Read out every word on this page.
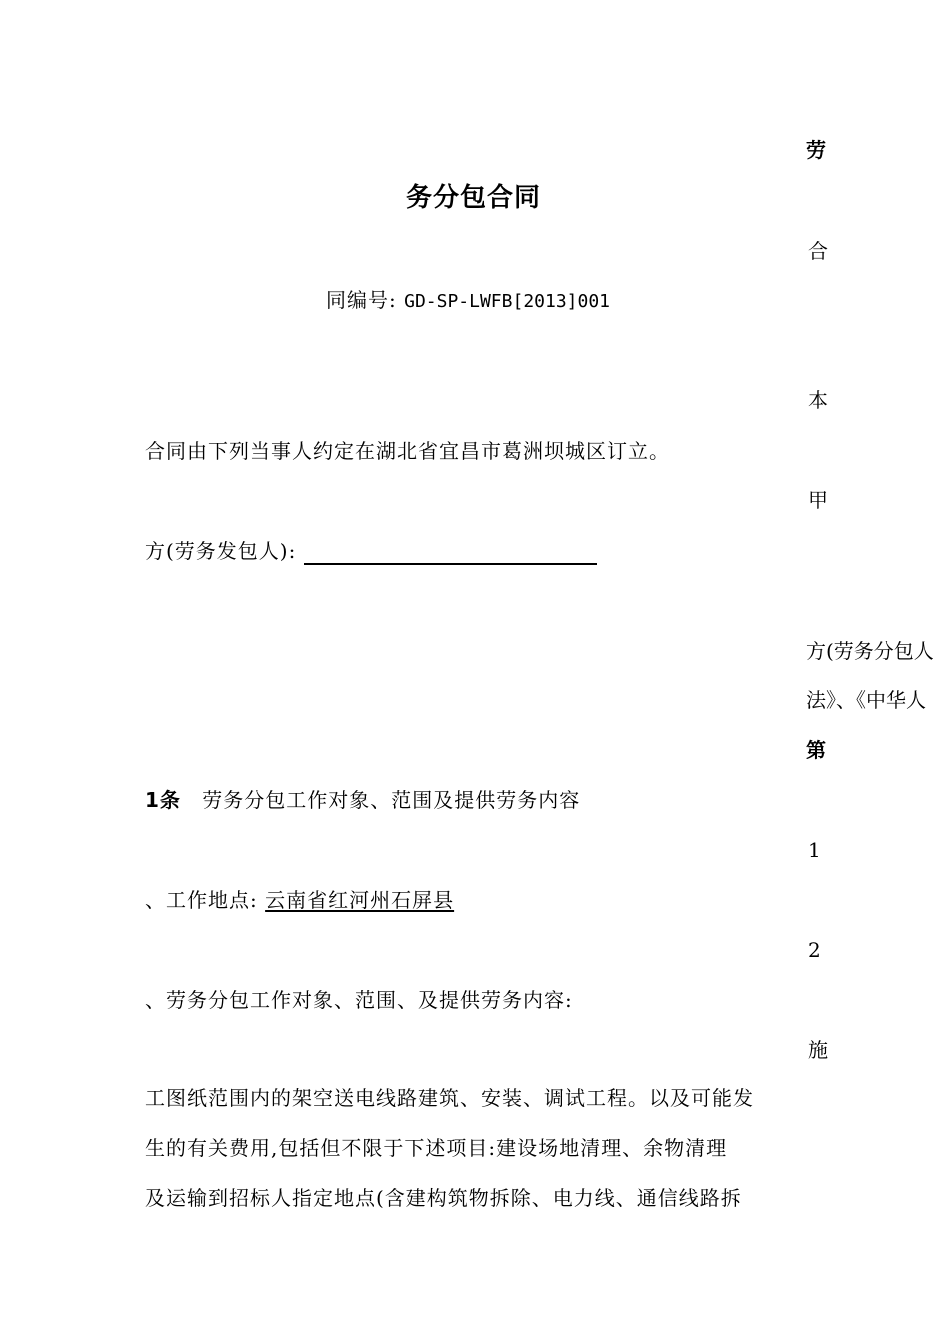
务分包合同
同编号: GD-SP-LWFB[2013]001
合同由下列当事人约定在湖北省宜昌市葛洲坝城区订立。
方(劳务发包人):
1条 劳务分包工作对象、范围及提供劳务内容
、工作地点: 云南省红河州石屏县
、劳务分包工作对象、范围、及提供劳务内容:
工图纸范围内的架空送电线路建筑、安装、调试工程。以及可能发
生的有关费用,包括但不限于下述项目:建设场地清理、余物清理
及运输到招标人指定地点(含建构筑物拆除、电力线、通信线路拆
劳
合
本
甲
方(劳务分包人
法》、《中华人
第
1
2
施
